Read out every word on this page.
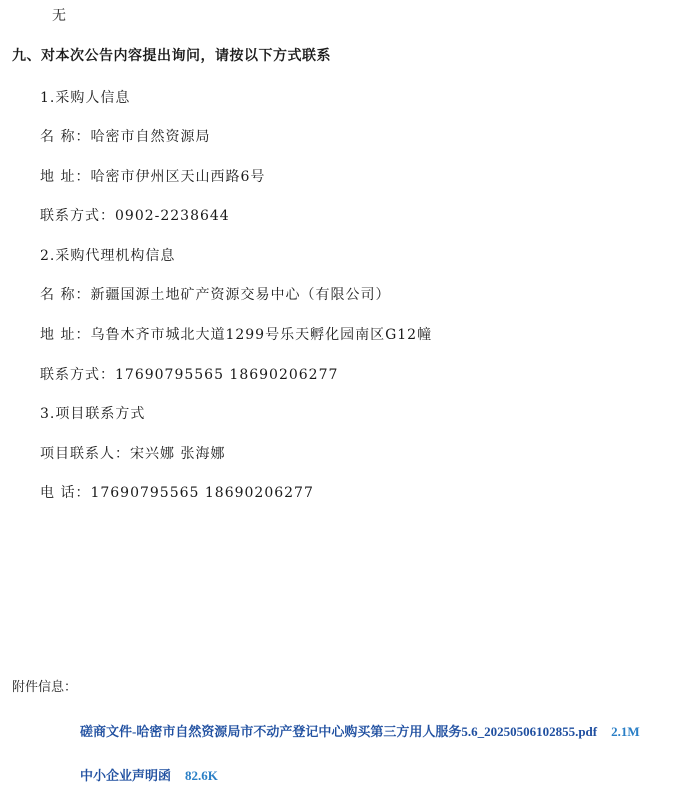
无
九、对本次公告内容提出询问，请按以下方式联系
1.采购人信息
名 称：哈密市自然资源局
地 址：哈密市伊州区天山西路6号
联系方式：0902-2238644
2.采购代理机构信息
名 称：新疆国源土地矿产资源交易中心（有限公司）
地 址：乌鲁木齐市城北大道1299号乐天孵化园南区G12幢
联系方式：17690795565 18690206277
3.项目联系方式
项目联系人：宋兴娜 张海娜
电 话：17690795565 18690206277
附件信息：
磋商文件-哈密市自然资源局市不动产登记中心购买第三方用人服务5.6_20250506102855.pdf 2.1M
中小企业声明函 82.6K
